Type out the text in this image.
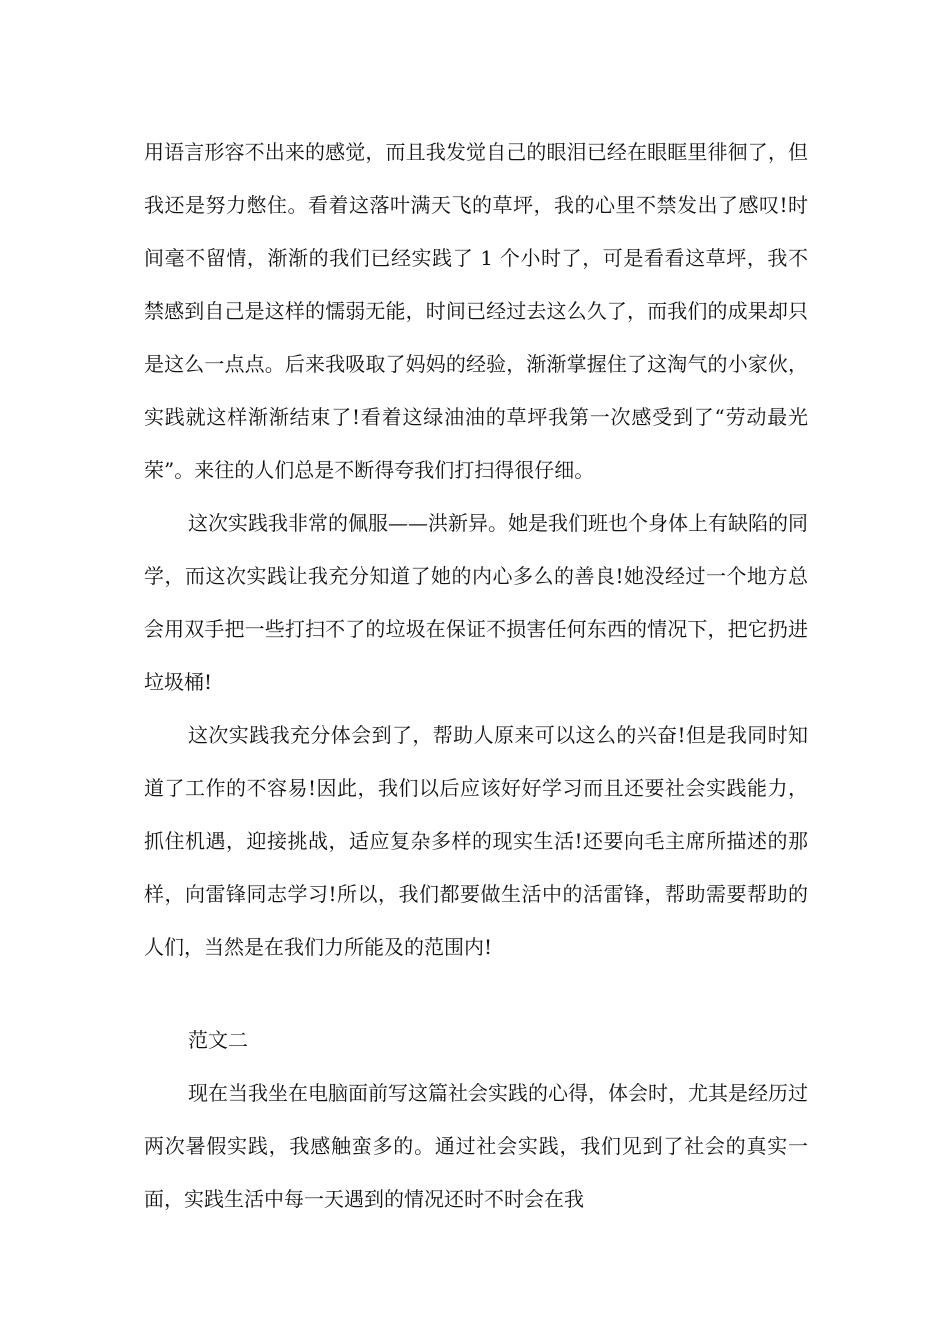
用语言形容不出来的感觉，而且我发觉自己的眼泪已经在眼眶里徘徊了，但我还是努力憋住。看着这落叶满天飞的草坪，我的心里不禁发出了感叹!时间毫不留情，渐渐的我们已经实践了 1 个小时了，可是看看这草坪，我不禁感到自己是这样的懦弱无能，时间已经过去这么久了，而我们的成果却只是这么一点点。后来我吸取了妈妈的经验，渐渐掌握住了这淘气的小家伙，实践就这样渐渐结束了!看着这绿油油的草坪我第一次感受到了“劳动最光荣”。来往的人们总是不断得夸我们打扫得很仔细。

这次实践我非常的佩服——洪新异。她是我们班也个身体上有缺陷的同学，而这次实践让我充分知道了她的内心多么的善良!她没经过一个地方总会用双手把一些打扫不了的垃圾在保证不损害任何东西的情况下，把它扔进垃圾桶!

这次实践我充分体会到了，帮助人原来可以这么的兴奋!但是我同时知道了工作的不容易!因此，我们以后应该好好学习而且还要社会实践能力，抓住机遇，迎接挑战，适应复杂多样的现实生活!还要向毛主席所描述的那样，向雷锋同志学习!所以，我们都要做生活中的活雷锋，帮助需要帮助的人们，当然是在我们力所能及的范围内!

范文二

现在当我坐在电脑面前写这篇社会实践的心得，体会时，尤其是经历过两次暑假实践，我感触蛮多的。通过社会实践，我们见到了社会的真实一面，实践生活中每一天遇到的情况还时不时会在我
